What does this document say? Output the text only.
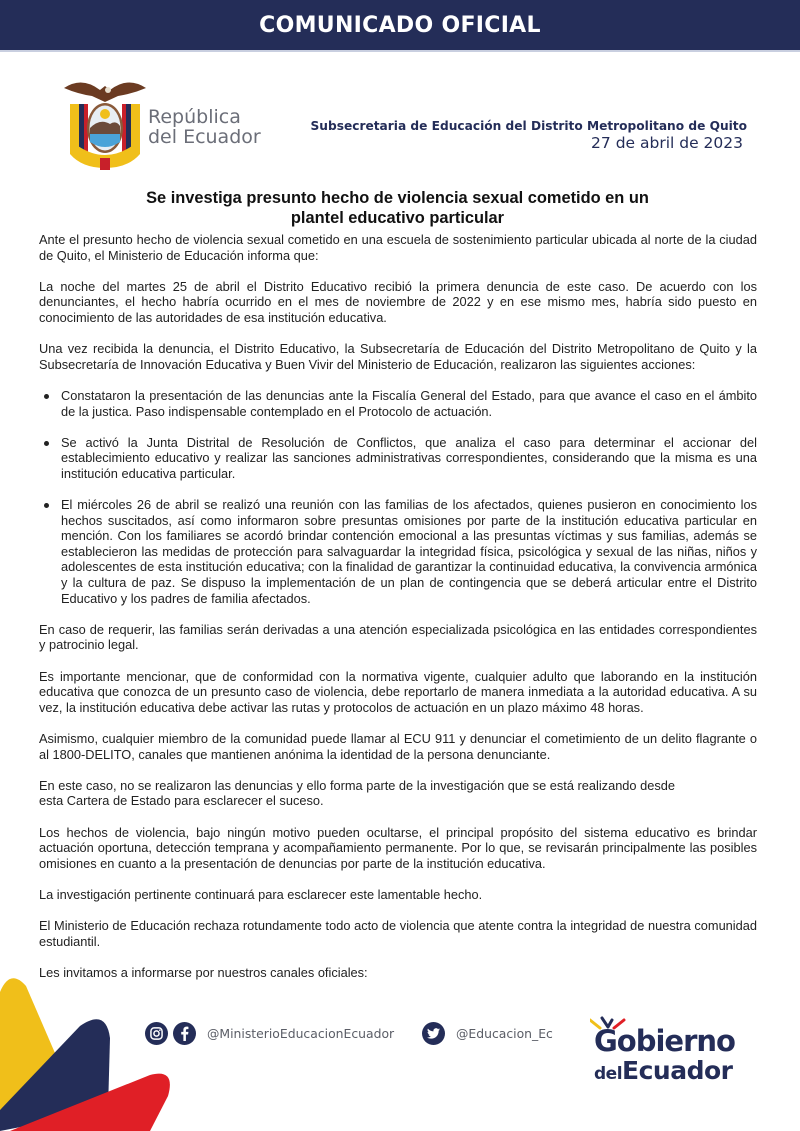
COMUNICADO OFICIAL
República
del Ecuador	Subsecretaria de Educación del Distrito Metropolitano de Quito
27 de abril de 2023
Se investiga presunto hecho de violencia sexual cometido en un
plantel educativo particular

Ante el presunto hecho de violencia sexual cometido en una escuela de sostenimiento particular ubicada al norte de la ciudad de Quito, el Ministerio de Educación informa que:

La noche del martes 25 de abril el Distrito Educativo recibió la primera denuncia de este caso. De acuerdo con los denunciantes, el hecho habría ocurrido en el mes de noviembre de 2022 y en ese mismo mes, habría sido puesto en conocimiento de las autoridades de esa institución educativa.

Una vez recibida la denuncia, el Distrito Educativo, la Subsecretaría de Educación del Distrito Metropolitano de Quito y la Subsecretaría de Innovación Educativa y Buen Vivir del Ministerio de Educación, realizaron las siguientes acciones:

Constataron la presentación de las denuncias ante la Fiscalía General del Estado, para que avance el caso en el ámbito de la justica. Paso indispensable contemplado en el Protocolo de actuación.
Se activó la Junta Distrital de Resolución de Conflictos, que analiza el caso para determinar el accionar del establecimiento educativo y realizar las sanciones administrativas correspondientes, considerando que la misma es una institución educativa particular.
El miércoles 26 de abril se realizó una reunión con las familias de los afectados, quienes pusieron en conocimiento los hechos suscitados, así como informaron sobre presuntas omisiones por parte de la institución educativa particular en mención. Con los familiares se acordó brindar contención emocional a las presuntas víctimas y sus familias, además se establecieron las medidas de protección para salvaguardar la integridad física, psicológica y sexual de las niñas, niños y adolescentes de esta institución educativa; con la finalidad de garantizar la continuidad educativa, la convivencia armónica y la cultura de paz. Se dispuso la implementación de un plan de contingencia que se deberá articular entre el Distrito Educativo y los padres de familia afectados.

En caso de requerir, las familias serán derivadas a una atención especializada psicológica en las entidades correspondientes y patrocinio legal.

Es importante mencionar, que de conformidad con la normativa vigente, cualquier adulto que laborando en la institución educativa que conozca de un presunto caso de violencia, debe reportarlo de manera inmediata a la autoridad educativa. A su vez, la institución educativa debe activar las rutas y protocolos de actuación en un plazo máximo 48 horas.

Asimismo, cualquier miembro de la comunidad puede llamar al ECU 911 y denunciar el cometimiento de un delito flagrante o al 1800-DELITO, canales que mantienen anónima la identidad de la persona denunciante.

En este caso, no se realizaron las denuncias y ello forma parte de la investigación que se está realizando desde
esta Cartera de Estado para esclarecer el suceso.

Los hechos de violencia, bajo ningún motivo pueden ocultarse, el principal propósito del sistema educativo es brindar actuación oportuna, detección temprana y acompañamiento permanente. Por lo que, se revisarán principalmente las posibles omisiones en cuanto a la presentación de denuncias por parte de la institución educativa.

La investigación pertinente continuará para esclarecer este lamentable hecho.

El Ministerio de Educación rechaza rotundamente todo acto de violencia que atente contra la integridad de nuestra comunidad estudiantil.

Les invitamos a informarse por nuestros canales oficiales:

@MinisterioEducacionEcuador	@Educacion_Ec Gobierno
delEcuador
